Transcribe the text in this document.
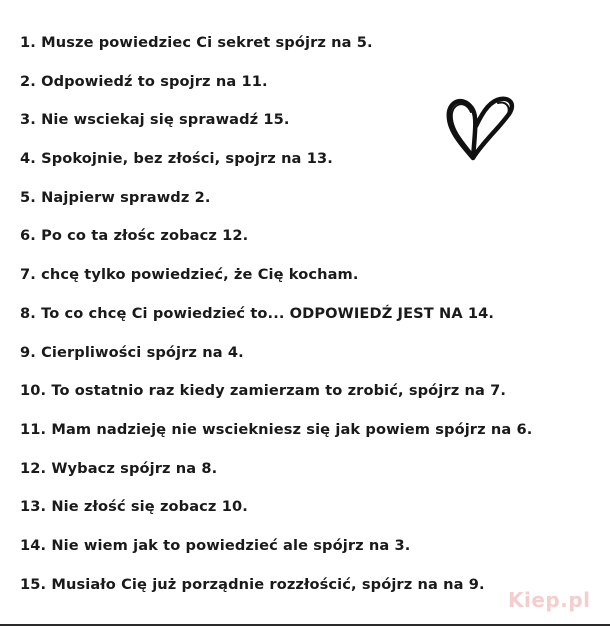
1. Musze powiedziec Ci sekret spójrz na 5.
2. Odpowiedź to spojrz na 11.
3. Nie wsciekaj się sprawadź 15.
4. Spokojnie, bez złości, spojrz na 13.
5. Najpierw sprawdz 2.
6. Po co ta złośc zobacz 12.
7. chcę tylko powiedzieć, że Cię kocham.
8. To co chcę Ci powiedzieć to... ODPOWIEDŹ JEST NA 14.
9. Cierpliwości spójrz na 4.
10. To ostatnio raz kiedy zamierzam to zrobić, spójrz na 7.
11. Mam nadzieję nie wsciekniesz się jak powiem spójrz na 6.
12. Wybacz spójrz na 8.
13. Nie złość się zobacz 10.
14. Nie wiem jak to powiedzieć ale spójrz na 3.
15. Musiało Cię już porządnie rozzłościć, spójrz na na 9.
Kiep.pl
